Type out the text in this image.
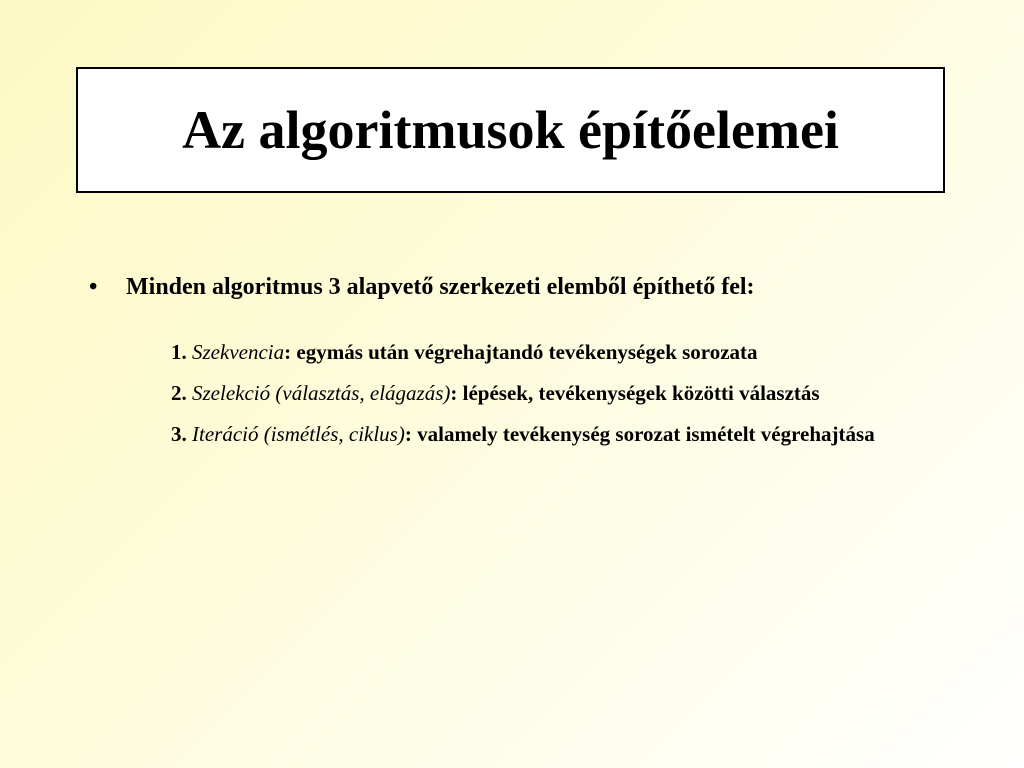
Az algoritmusok építőelemei
• Minden algoritmus 3 alapvető szerkezeti elemből építhető fel:
1. Szekvencia: egymás után végrehajtandó tevékenységek sorozata
2. Szelekció (választás, elágazás): lépések, tevékenységek közötti választás
3. Iteráció (ismétlés, ciklus): valamely tevékenység sorozat ismételt végrehajtása
